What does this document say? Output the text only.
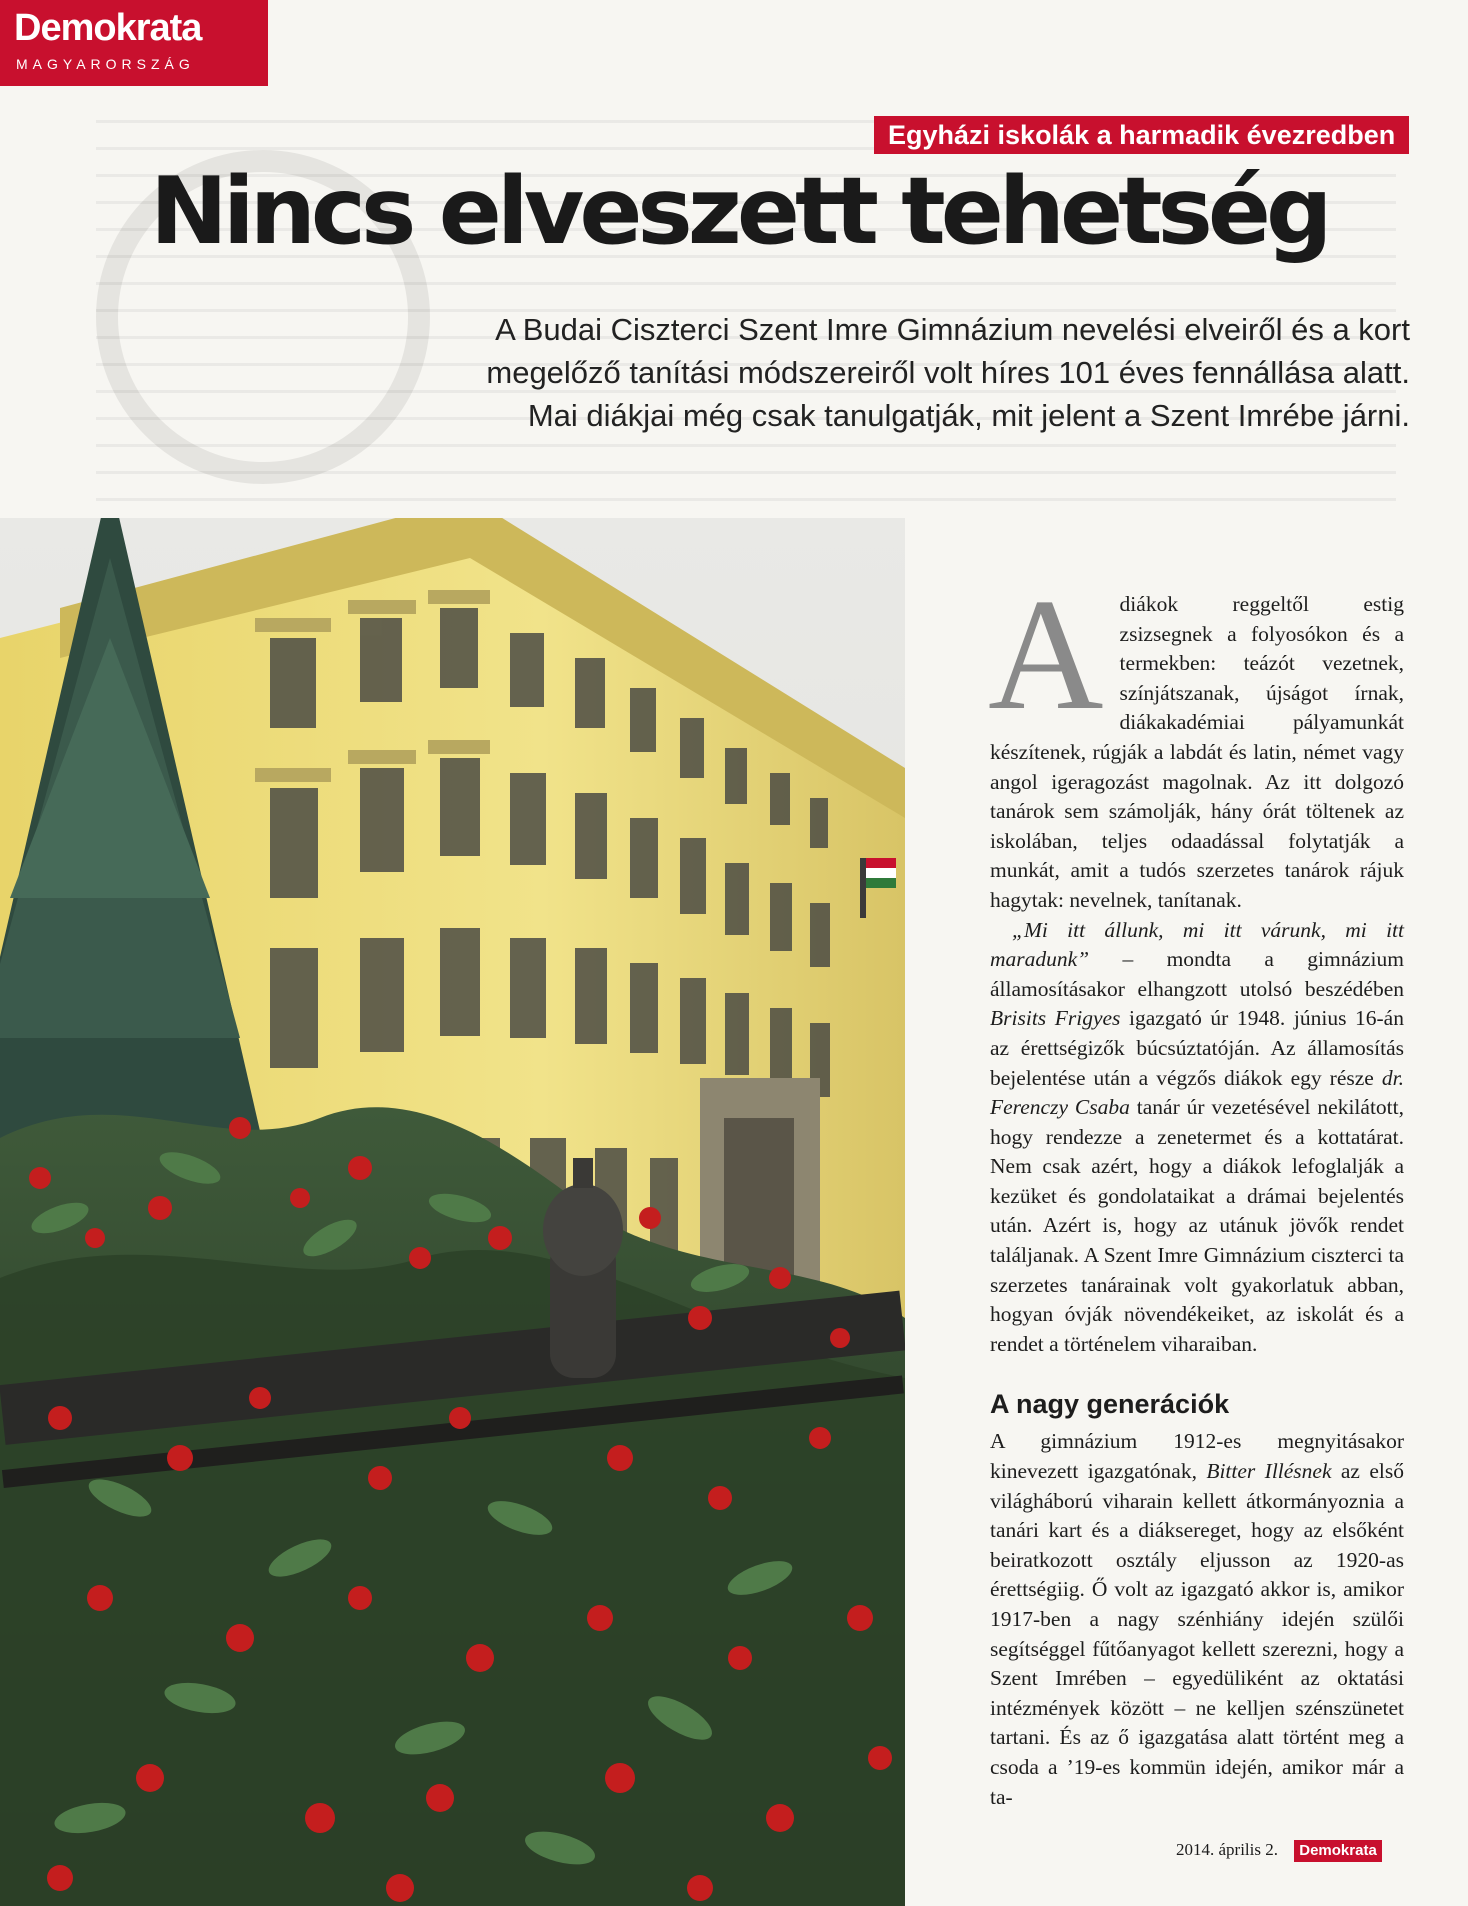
Demokrata
MAGYARORSZÁG
Egyházi iskolák a harmadik évezredben
Nincs elveszett tehetség
A Budai Ciszterci Szent Imre Gimnázium nevelési elveiről és a kort
megelőző tanítási módszereiről volt híres 101 éves fennállása alatt.
Mai diákjai még csak tanulgatják, mit jelent a Szent Imrébe járni.

Adiákok reggeltől estig zsizsegnek a folyosókon és a termekben: teázót vezetnek, színjátszanak, újságot írnak, diákakadémiai pályamunkát készítenek, rúgják a labdát és latin, német vagy angol igeragozást magolnak. Az itt dolgozó tanárok sem számolják, hány órát töltenek az iskolában, teljes odaadással folytatják a munkát, amit a tudós szerzetes tanárok rájuk hagytak: nevelnek, tanítanak.

„Mi itt állunk, mi itt várunk, mi itt maradunk” – mondta a gimnázium államosításakor elhangzott utolsó beszédében Brisits Frigyes igazgató úr 1948. június 16-án az érettségizők búcsúztatóján. Az államosítás bejelentése után a végzős diákok egy része dr. Ferenczy Csaba tanár úr vezetésével nekilátott, hogy rendezze a zenetermet és a kottatárat. Nem csak azért, hogy a diákok lefoglalják a kezüket és gondolataikat a drámai bejelentés után. Azért is, hogy az utánuk jövők rendet találjanak. A Szent Imre Gimnázium ciszterci ta szerzetes tanárainak volt gyakorlatuk abban, hogyan óvják növendékeiket, az iskolát és a rendet a történelem viharaiban.

A nagy generációk

A gimnázium 1912-es megnyitásakor kinevezett igazgatónak, Bitter Illésnek az első világháború viharain kellett átkormányoznia a tanári kart és a diáksereget, hogy az elsőként beiratkozott osztály eljusson az 1920-as érettségiig. Ő volt az igazgató akkor is, amikor 1917-ben a nagy szénhiány idején szülői segítséggel fűtőanyagot kellett szerezni, hogy a Szent Imrében – egyedüliként az oktatási intézmények között – ne kelljen szénszünetet tartani. És az ő igazgatása alatt történt meg a csoda a ’19-es kommün idején, amikor már a ta-

2014. április 2. Demokrata
